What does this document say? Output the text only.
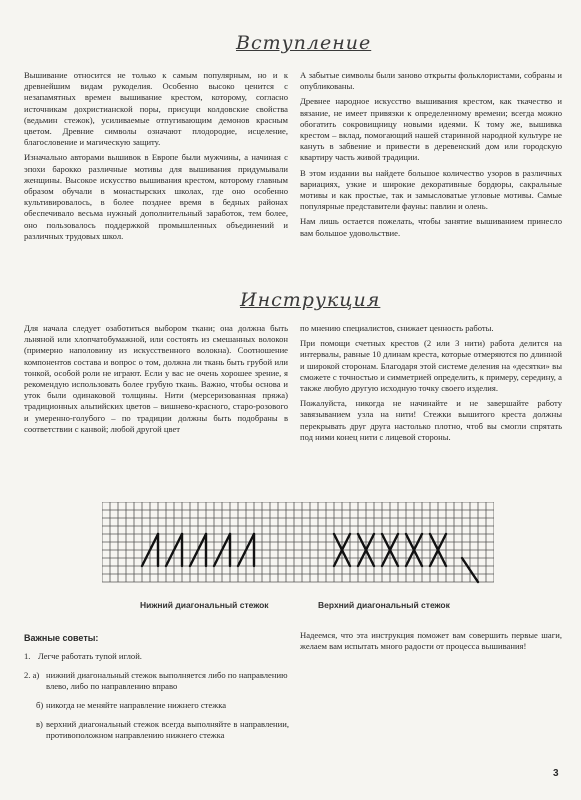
Вступление

Вышивание относится не только к самым популярным, но и к древнейшим видам рукоделия. Особенно высоко ценится с незапамятных времен вышивание крестом, которому, согласно источникам дохристианской поры, присущи колдовские свойства (ведьмин стежок), усиливаемые отпугивающим демонов красным цветом. Древние символы означают плодородие, исцеление, благословение и магическую защиту.

Изначально авторами вышивок в Европе были мужчины, а начиная с эпохи барокко различные мотивы для вышивания придумывали женщины. Высокое искусство вышивания крестом, которому главным образом обучали в монастырских школах, где оно особенно культивировалось, в более позднее время в бедных районах обеспечивало весьма нужный дополнительный заработок, тем более, оно пользовалось поддержкой промышленных объединений и различных трудовых школ.

А забытые символы были заново открыты фольклористами, собраны и опубликованы.

Древнее народное искусство вышивания крестом, как ткачество и вязание, не имеет привязки к определенному времени; всегда можно обогатить сокровищницу новыми идеями. К тому же, вышивка крестом – вклад, помогающий нашей старинной народной культуре не кануть в забвение и привести в деревенский дом или городскую квартиру часть живой традиции.

В этом издании вы найдете большое количество узоров в различных вариациях, узкие и широкие декоративные бордюры, сакральные мотивы и как простые, так и замысловатые угловые мотивы. Самые популярные представители фауны: павлин и олень.

Нам лишь остается пожелать, чтобы занятие вышиванием принесло вам большое удовольствие.

Инструкция

Для начала следует озаботиться выбором ткани; она должна быть льняной или хлопчатобумажной, или состоять из смешанных волокон (примерно наполовину из искусственного волокна). Соотношение компонентов состава и вопрос о том, должна ли ткань быть грубой или тонкой, особой роли не играют. Если у вас не очень хорошее зрение, я рекомендую использовать более грубую ткань. Важно, чтобы основа и уток были одинаковой толщины. Нити (мерсеризованная пряжа) традиционных альпийских цветов – вишнево-красного, старо-розового и умеренно-голубого – по традиции должны быть подобраны в соответствии с канвой; любой другой цвет

по мнению специалистов, снижает ценность работы.

При помощи счетных крестов (2 или 3 нити) работа делится на интервалы, равные 10 длинам креста, которые отмеряются по длинной и широкой сторонам. Благодаря этой системе деления на «десятки» вы сможете с точностью и симметрией определить, к примеру, середину, а также любую другую исходную точку своего изделия.

Пожалуйста, никогда не начинайте и не завершайте работу завязыванием узла на нити! Стежки вышитого креста должны перекрывать друг друга настолько плотно, чтоб вы смогли спрятать под ними конец нити с лицевой стороны.

Нижний диагональный стежок	Верхний диагональный стежок
Важные советы:
1. Легче работать тупой иглой.
2. а) нижний диагональный стежок выполняется либо по направлению влево, либо по направлению вправо
б) никогда не меняйте направление нижнего стежка
в) верхний диагональный стежок всегда выполняйте в направлении, противоположном направлению нижнего стежка
Надеемся, что эта инструкция поможет вам совершить первые шаги, желаем вам испытать много радости от процесса вышивания!
3
